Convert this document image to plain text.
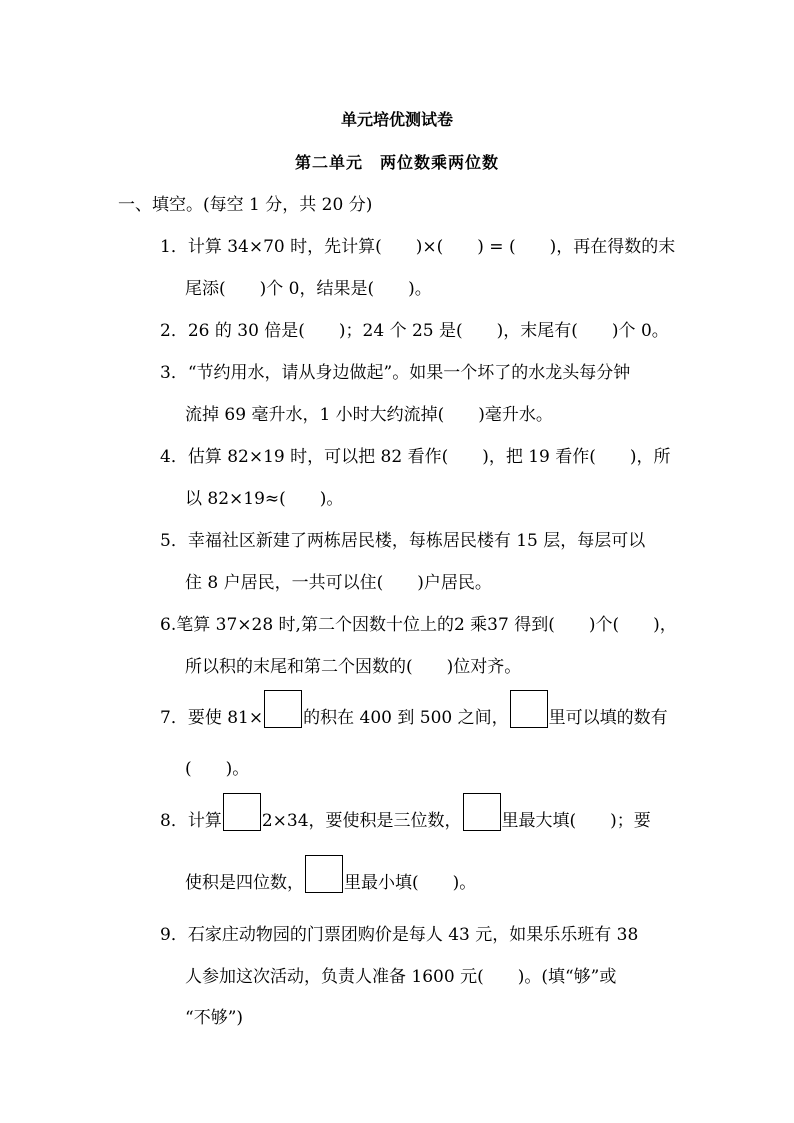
单元培优测试卷
第二单元　两位数乘两位数
一、填空。(每空 1 分，共 20 分)
1．计算 34×70 时，先计算(　　)×(　　) = (　　)，再在得数的末
尾添(　　)个 0，结果是(　　)。
2．26 的 30 倍是(　　)；24 个 25 是(　　)，末尾有(　　)个 0。
3．“节约用水，请从身边做起”。如果一个坏了的水龙头每分钟
流掉 69 毫升水，1 小时大约流掉(　　)毫升水。
4．估算 82×19 时，可以把 82 看作(　　)，把 19 看作(　　)，所
以 82×19≈(　　)。
5．幸福社区新建了两栋居民楼，每栋居民楼有 15 层，每层可以
住 8 户居民，一共可以住(　　)户居民。
6.笔算 37×28 时,第二个因数十位上的2 乘37 得到(　　)个(　　)，
所以积的末尾和第二个因数的(　　)位对齐。
7．要使 81× 的积在 400 到 500 之间， 里可以填的数有
(　　)。
8．计算 2×34，要使积是三位数， 里最大填(　　)；要
使积是四位数， 里最小填(　　)。
9．石家庄动物园的门票团购价是每人 43 元，如果乐乐班有 38
人参加这次活动，负责人准备 1600 元(　　)。(填“够”或
“不够”)
